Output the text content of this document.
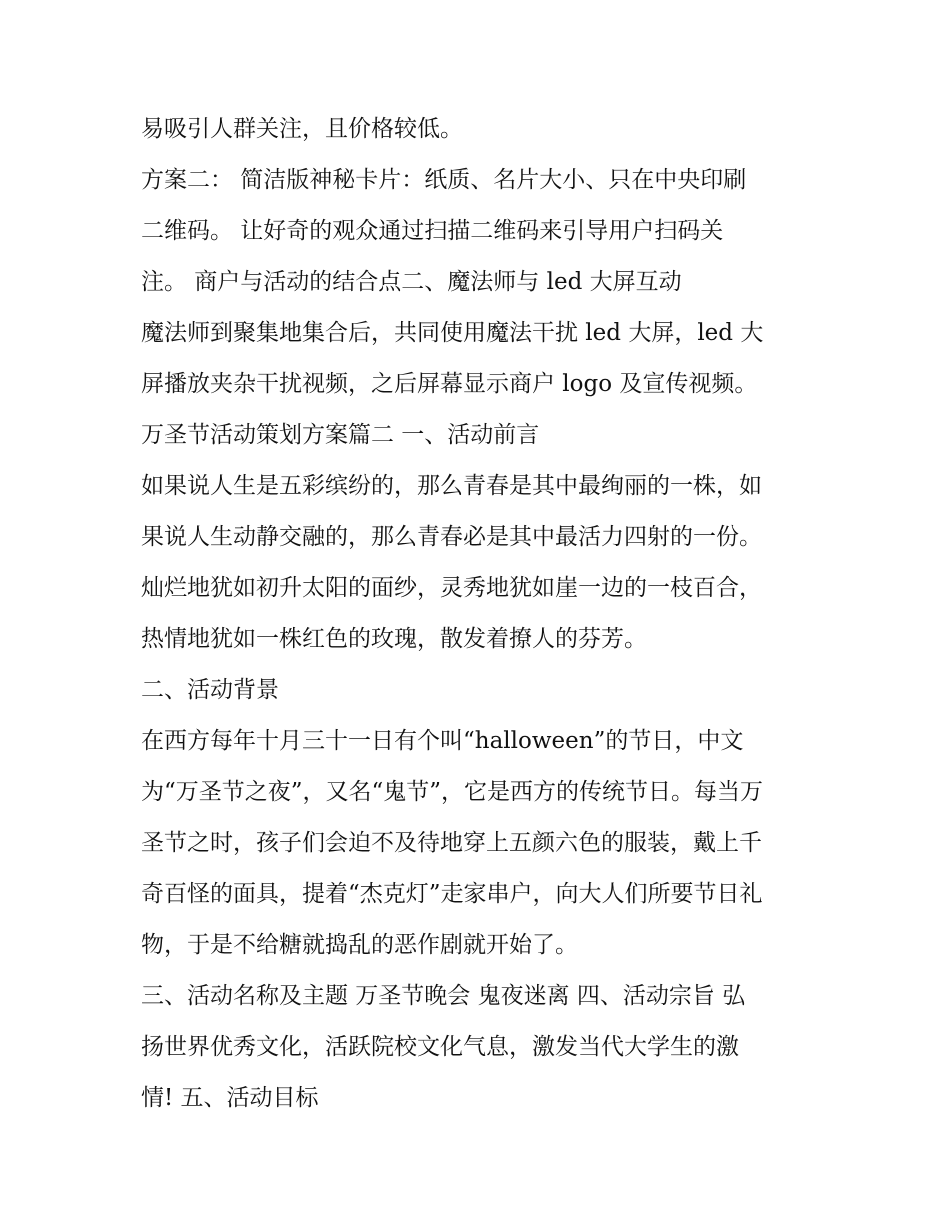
易吸引人群关注，且价格较低。
方案二： 简洁版神秘卡片：纸质、名片大小、只在中央印刷
二维码。 让好奇的观众通过扫描二维码来引导用户扫码关
注。 商户与活动的结合点二、魔法师与 led 大屏互动
魔法师到聚集地集合后，共同使用魔法干扰 led 大屏，led 大
屏播放夹杂干扰视频，之后屏幕显示商户 logo 及宣传视频。
万圣节活动策划方案篇二 一、活动前言
如果说人生是五彩缤纷的，那么青春是其中最绚丽的一株，如
果说人生动静交融的，那么青春必是其中最活力四射的一份。
灿烂地犹如初升太阳的面纱，灵秀地犹如崖一边的一枝百合，
热情地犹如一株红色的玫瑰，散发着撩人的芬芳。
二、活动背景
在西方每年十月三十一日有个叫“halloween”的节日，中文
为“万圣节之夜”，又名“鬼节”，它是西方的传统节日。每当万
圣节之时，孩子们会迫不及待地穿上五颜六色的服装，戴上千
奇百怪的面具，提着“杰克灯”走家串户，向大人们所要节日礼
物，于是不给糖就捣乱的恶作剧就开始了。
三、活动名称及主题 万圣节晚会 鬼夜迷离 四、活动宗旨 弘
扬世界优秀文化，活跃院校文化气息，激发当代大学生的激
情! 五、活动目标
